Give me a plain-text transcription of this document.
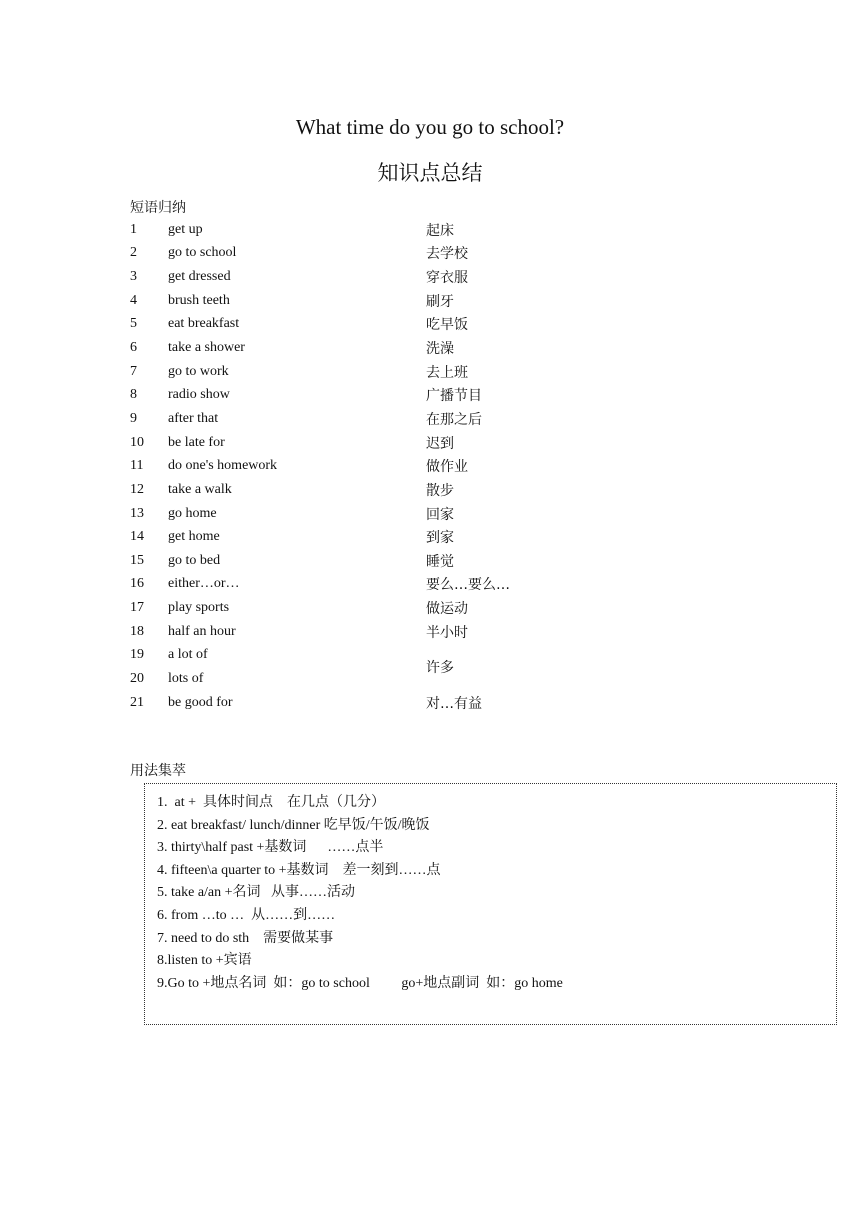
What time do you go to school?
知识点总结
短语归纳
1	get up	起床
2	go to school	去学校
3	get dressed	穿衣服
4	brush teeth	刷牙
5	eat breakfast	吃早饭
6	take a shower	洗澡
7	go to work	去上班
8	radio show	广播节目
9	after that	在那之后
10	be late for	迟到
11	do one's homework	做作业
12	take a walk	散步
13	go home	回家
14	get home	到家
15	go to bed	睡觉
16	either…or…	要么…要么…
17	play sports	做运动
18	half an hour	半小时
19	a lot of	许多
20	lots of	
21	be good for	对…有益
用法集萃
1.  at +  具体时间点    在几点（几分）
2. eat breakfast/ lunch/dinner 吃早饭/午饭/晚饭
3. thirty\half past +基数词      ……点半
4. fifteen\a quarter to +基数词    差一刻到……点
5. take a/an +名词   从事……活动
6. from …to …  从……到……
7. need to do sth    需要做某事
8.listen to +宾语
9.Go to +地点名词  如：go to school         go+地点副词  如：go home
